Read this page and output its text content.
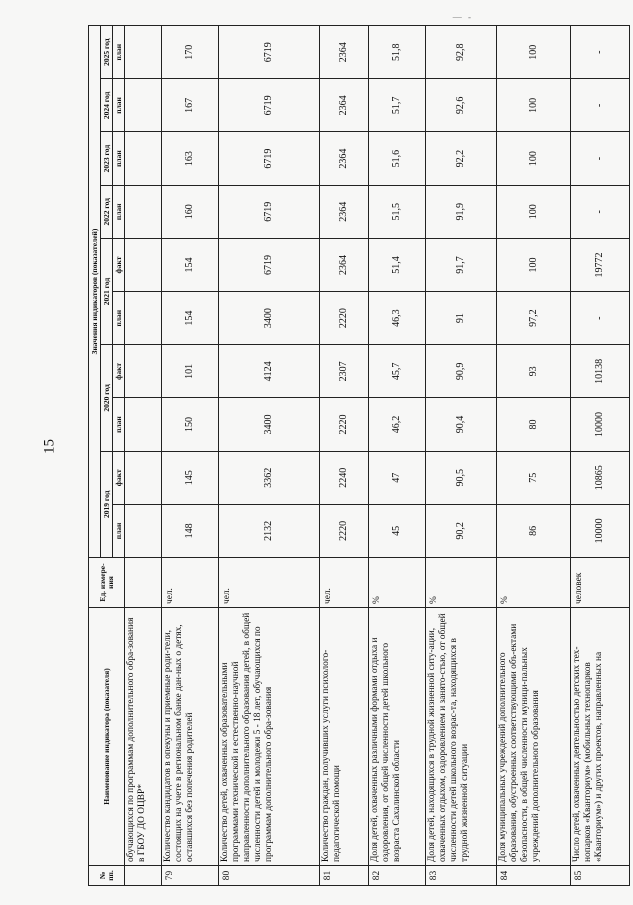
— -
15
№ пп.	Наименование индикатора (показателя)	Ед. измере-ния	Значения индикаторов (показателей)									
			2019 год		2020 год		2021 год		2022 год	2023 год	2024 год	2025 год
			план	факт	план	факт	план	факт	план	план	план	план
	обучающихся по программам дополнительного обра-зования в ГБОУ ДО ОЦВР*											
79	Количество кандидатов в опекуны и приемные роди-тели, состоящих на учете в региональном банке дан-ных о детях, оставшихся без попечения родителей	чел.	148	145	150	101	154	154	160	163	167	170
80	Количество детей, охваченных образовательными программами технической и естественно-научной направленности дополнительного образования детей, в общей численности детей и молодежи 5 - 18 лет, обучающихся по программам дополнительного обра-зования	чел.	2132	3362	3400	4124	3400	6719	6719	6719	6719	6719
81	Количество граждан, получивших услуги психолого-педагогической помощи	чел.	2220	2240	2220	2307	2220	2364	2364	2364	2364	2364
82	Доля детей, охваченных различными формами отдыха и оздоровления, от общей численности детей школьного возраста Сахалинской области	%	45	47	46,2	45,7	46,3	51,4	51,5	51,6	51,7	51,8
83	Доля детей, находящихся в трудной жизненной ситу-ации, охваченных отдыхом, оздоровлением и занято-стью, от общей численности детей школьного возрас-та, находящихся в трудной жизненной ситуации	%	90,2	90,5	90,4	90,9	91	91,7	91,9	92,2	92,6	92,8
84	Доля муниципальных учреждений дополнительного образования, обустроенных соответствующими объ-ектами безопасности, в общей численности муници-пальных учреждений дополнительного образования	%	86	75	80	93	97,2	100	100	100	100	100
85	Число детей, охваченных деятельностью детских тех-нопарков «Кванториум» (мобильных технопарков «Кванториум») и других проектов, направленных на	человек	10000	10865	10000	10138	-	19772	-	-	-	-
